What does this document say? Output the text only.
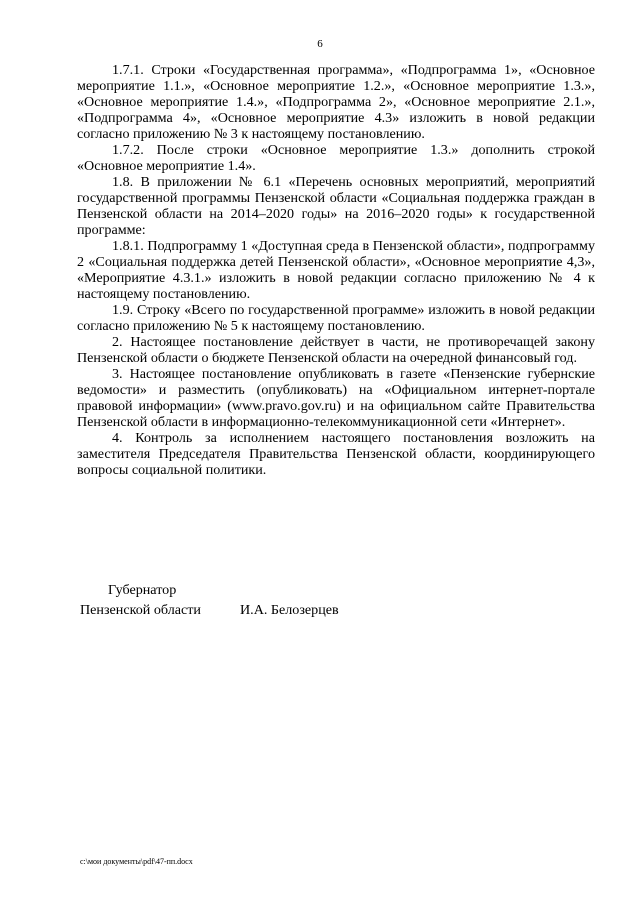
6

1.7.1. Строки «Государственная программа», «Подпрограмма 1», «Основное мероприятие 1.1.», «Основное мероприятие 1.2.», «Основное мероприятие 1.3.», «Основное мероприятие 1.4.», «Подпрограмма 2», «Основное мероприятие 2.1.», «Подпрограмма 4», «Основное мероприятие 4.3» изложить в новой редакции согласно приложению № 3 к настоящему постановлению.

1.7.2. После строки «Основное мероприятие 1.3.» дополнить строкой «Основное мероприятие 1.4».

1.8. В приложении № 6.1 «Перечень основных мероприятий, мероприятий государственной программы Пензенской области «Социальная поддержка граждан в Пензенской области на 2014–2020 годы» на 2016–2020 годы» к государственной программе:

1.8.1. Подпрограмму 1 «Доступная среда в Пензенской области», подпрограмму 2 «Социальная поддержка детей Пензенской области», «Основное мероприятие 4,3», «Мероприятие 4.3.1.» изложить в новой редакции согласно приложению № 4 к настоящему постановлению.

1.9. Строку «Всего по государственной программе» изложить в новой редакции согласно приложению № 5 к настоящему постановлению.

2. Настоящее постановление действует в части, не противоречащей закону Пензенской области о бюджете Пензенской области на очередной финансовый год.

3. Настоящее постановление опубликовать в газете «Пензенские губернские ведомости» и разместить (опубликовать) на «Официальном интернет-портале правовой информации» (www.pravo.gov.ru) и на официальном сайте Правительства Пензенской области в информационно-телекоммуникационной сети «Интернет».

4. Контроль за исполнением настоящего постановления возложить на заместителя Председателя Правительства Пензенской области, координирующего вопросы социальной политики.

Губернатор
Пензенской области	И.А. Белозерцев
c:\мои документы\pdf\47-пп.docx
